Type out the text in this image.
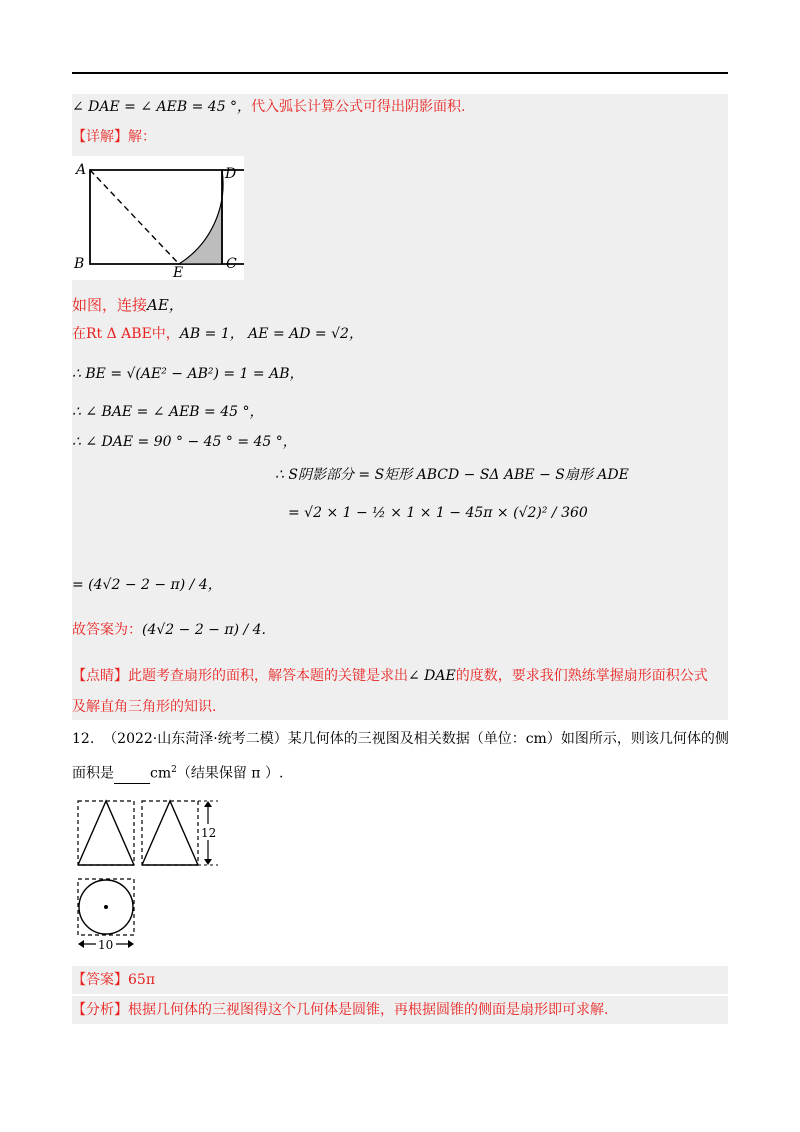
∠ DAE = ∠ AEB = 45 °，代入弧长计算公式可得出阴影面积.
【详解】解：
A
B
D
C
E
如图，连接AE，
在Rt Δ ABE中，AB = 1， AE = AD = √2，
∴ BE = √(AE² − AB²) = 1 = AB，
∴ ∠ BAE = ∠ AEB = 45 °，
∴ ∠ DAE = 90 ° − 45 ° = 45 °，
∴ S阴影部分 = S矩形 ABCD − SΔ ABE − S扇形 ADE
= √2 × 1 − ½ × 1 × 1 − 45π × (√2)² / 360
= (4√2 − 2 − π) / 4，
故答案为：(4√2 − 2 − π) / 4.
【点睛】此题考查扇形的面积，解答本题的关键是求出∠ DAE的度数，要求我们熟练掌握扇形面积公式
及解直角三角形的知识.
12. （2022·山东菏泽·统考二模）某几何体的三视图及相关数据（单位：cm）如图所示，则该几何体的侧
面积是	$cm^2$（结果保留 π ）.
12
10
【答案】65π
【分析】根据几何体的三视图得这个几何体是圆锥，再根据圆锥的侧面是扇形即可求解.
